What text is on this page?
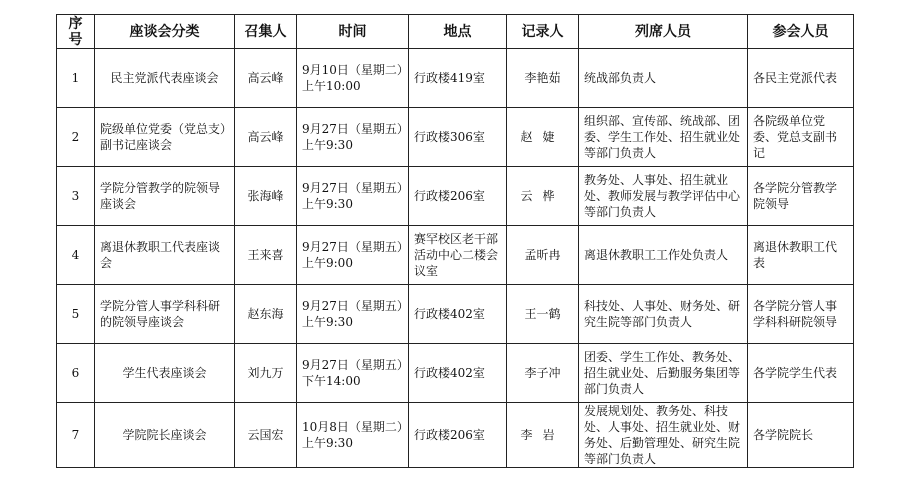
序号	座谈会分类	召集人	时间	地点	记录人	列席人员	参会人员
1	民主党派代表座谈会	高云峰	9月10日（星期二）上午10:00	行政楼419室	李艳茹	统战部负责人	各民主党派代表
2	院级单位党委（党总支）副书记座谈会	高云峰	9月27日（星期五）上午9:30	行政楼306室	赵婕	组织部、宣传部、统战部、团委、学生工作处、招生就业处等部门负责人	各院级单位党委、党总支副书记
3	学院分管教学的院领导座谈会	张海峰	9月27日（星期五）上午9:30	行政楼206室	云桦	教务处、人事处、招生就业处、教师发展与教学评估中心等部门负责人	各学院分管教学院领导
4	离退休教职工代表座谈会	王来喜	9月27日（星期五）上午9:00	赛罕校区老干部活动中心二楼会议室	孟昕冉	离退休教职工工作处负责人	离退休教职工代表
5	学院分管人事学科科研的院领导座谈会	赵东海	9月27日（星期五）上午9:30	行政楼402室	王一鹤	科技处、人事处、财务处、研究生院等部门负责人	各学院分管人事学科科研院领导
6	学生代表座谈会	刘九万	9月27日（星期五）下午14:00	行政楼402室	李子冲	团委、学生工作处、教务处、招生就业处、后勤服务集团等部门负责人	各学院学生代表
7	学院院长座谈会	云国宏	10月8日（星期二）上午9:30	行政楼206室	李岩	发展规划处、教务处、科技处、人事处、招生就业处、财务处、后勤管理处、研究生院等部门负责人	各学院院长
